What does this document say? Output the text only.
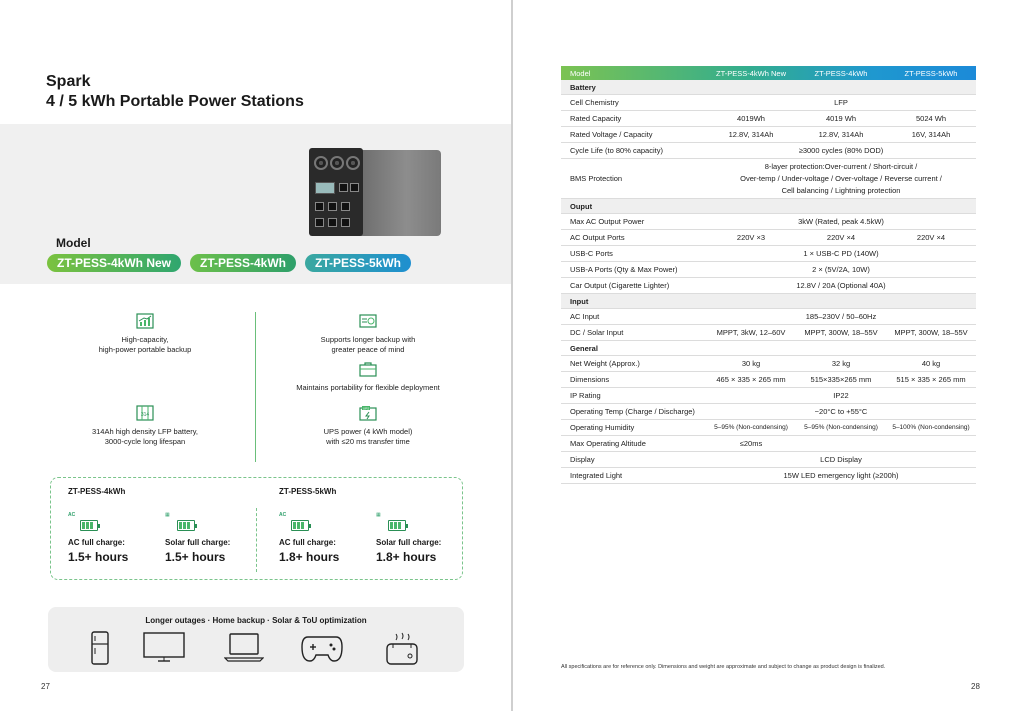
Spark
4 / 5 kWh Portable Power Stations
Model
ZT-PESS-4kWh New	ZT-PESS-4kWh	ZT-PESS-5kWh
High-capacity,
high-power portable backup
Supports longer backup with
greater peace of mind
Maintains portability for flexible deployment
314
314Ah high density LFP battery,
3000-cycle long lifespan
UPS
UPS power (4 kWh model)
with ≤20 ms transfer time
ZT-PESS-4kWh	ZT-PESS-5kWh
AC
AC full charge:
1.5+ hours
▦
Solar full charge:
1.5+ hours
AC
AC full charge:
1.8+ hours
▦
Solar full charge:
1.8+ hours
Longer outages · Home backup · Solar & ToU optimization
27
Model	ZT-PESS-4kWh New	ZT-PESS-4kWh	ZT-PESS-5kWh
Battery
Cell Chemistry	LFP
Rated Capacity	4019Wh	4019 Wh	5024 Wh
Rated Voltage / Capacity	12.8V, 314Ah	12.8V, 314Ah	16V, 314Ah
Cycle Life (to 80% capacity)	≥3000 cycles (80% DOD)
BMS Protection
8-layer protection:Over-current / Short-circuit /
Over-temp / Under-voltage / Over-voltage / Reverse current /
Cell balancing / Lightning protection
Ouput
Max AC Output Power	3kW (Rated, peak 4.5kW)
AC Output Ports	220V ×3	220V ×4	220V ×4
USB-C Ports	1 × USB-C PD (140W)
USB-A Ports (Qty & Max Power)	2 × (5V/2A, 10W)
Car Output (Cigarette Lighter)	12.8V / 20A (Optional 40A)
Input
AC Input	185–230V / 50–60Hz
DC / Solar Input	MPPT, 3kW, 12–60V	MPPT, 300W, 18–55V	MPPT, 300W, 18–55V
General
Net Weight (Approx.)	30 kg	32 kg	40 kg
Dimensions	465 × 335 × 265 mm	515×335×265 mm	515 × 335 × 265 mm
IP Rating	IP22
Operating Temp (Charge / Discharge)	−20°C to +55°C
Operating Humidity	5–95% (Non-condensing)	5–95% (Non-condensing)	5–100% (Non-condensing)
Max Operating Altitude	≤20ms
Display	LCD Display
Integrated Light	15W LED emergency light (≥200h)
All specifications are for reference only. Dimensions and weight are approximate and subject to change as product design is finalized.
28
